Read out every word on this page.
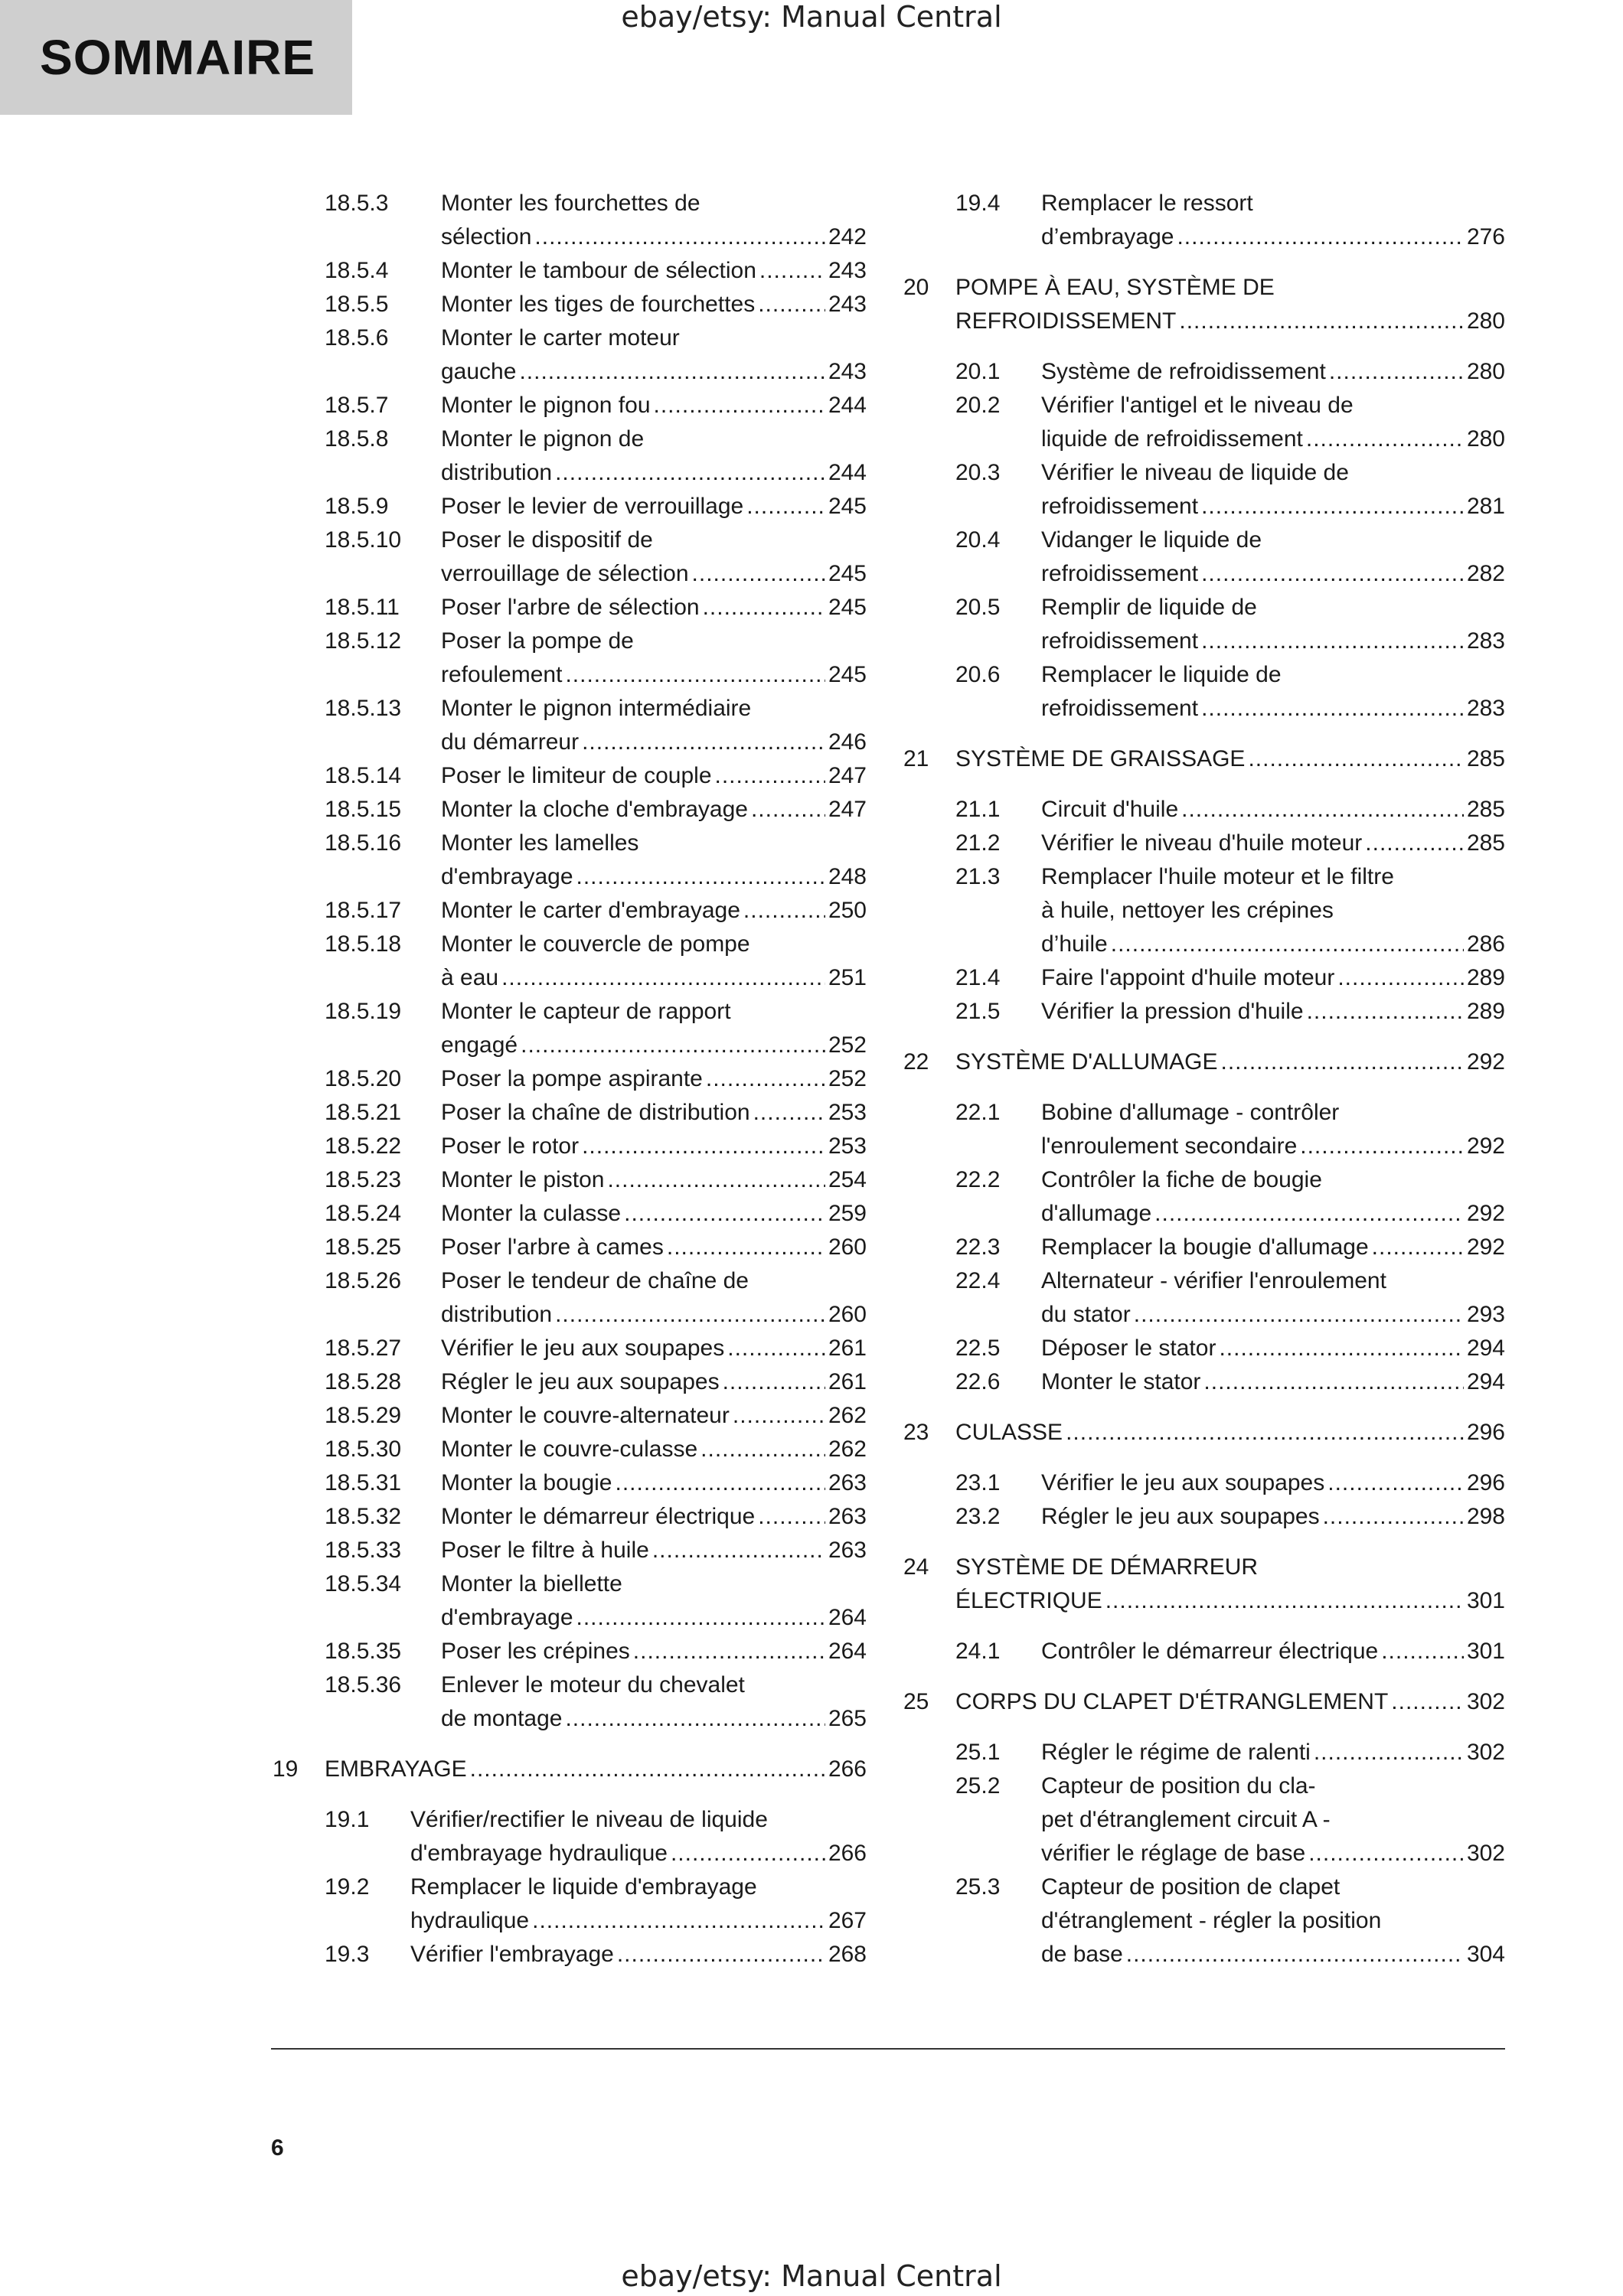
SOMMAIRE
ebay/etsy: Manual Central
18.5.3	Monter les fourchettes de
sélection .....	242
18.5.4	Monter le tambour de sélection .....	243
18.5.5	Monter les tiges de fourchettes .....	243
18.5.6	Monter le carter moteur
gauche .....	243
18.5.7	Monter le pignon fou .....	244
18.5.8	Monter le pignon de
distribution .....	244
18.5.9	Poser le levier de verrouillage .....	245
18.5.10	Poser le dispositif de
verrouillage de sélection .....	245
18.5.11	Poser l'arbre de sélection .....	245
18.5.12	Poser la pompe de
refoulement .....	245
18.5.13	Monter le pignon intermédiaire
du démarreur .....	246
18.5.14	Poser le limiteur de couple .....	247
18.5.15	Monter la cloche d'embrayage .....	247
18.5.16	Monter les lamelles
d'embrayage .....	248
18.5.17	Monter le carter d'embrayage .....	250
18.5.18	Monter le couvercle de pompe
à eau .....	251
18.5.19	Monter le capteur de rapport
engagé .....	252
18.5.20	Poser la pompe aspirante .....	252
18.5.21	Poser la chaîne de distribution .....	253
18.5.22	Poser le rotor .....	253
18.5.23	Monter le piston .....	254
18.5.24	Monter la culasse .....	259
18.5.25	Poser l'arbre à cames .....	260
18.5.26	Poser le tendeur de chaîne de
distribution .....	260
18.5.27	Vérifier le jeu aux soupapes .....	261
18.5.28	Régler le jeu aux soupapes .....	261
18.5.29	Monter le couvre-alternateur .....	262
18.5.30	Monter le couvre-culasse .....	262
18.5.31	Monter la bougie .....	263
18.5.32	Monter le démarreur électrique .....	263
18.5.33	Poser le filtre à huile .....	263
18.5.34	Monter la biellette
d'embrayage .....	264
18.5.35	Poser les crépines .....	264
18.5.36	Enlever le moteur du chevalet
de montage .....	265
19	EMBRAYAGE .....	266
19.1	Vérifier/rectifier le niveau de liquide
d'embrayage hydraulique .....	266
19.2	Remplacer le liquide d'embrayage
hydraulique .....	267
19.3	Vérifier l'embrayage .....	268
19.4	Remplacer le ressort
d’embrayage .....	276
20	POMPE À EAU, SYSTÈME DE
REFROIDISSEMENT .....	280
20.1	Système de refroidissement .....	280
20.2	Vérifier l'antigel et le niveau de
liquide de refroidissement .....	280
20.3	Vérifier le niveau de liquide de
refroidissement .....	281
20.4	Vidanger le liquide de
refroidissement .....	282
20.5	Remplir de liquide de
refroidissement .....	283
20.6	Remplacer le liquide de
refroidissement .....	283
21	SYSTÈME DE GRAISSAGE .....	285
21.1	Circuit d'huile .....	285
21.2	Vérifier le niveau d'huile moteur .....	285
21.3	Remplacer l'huile moteur et le filtre
à huile, nettoyer les crépines
d’huile .....	286
21.4	Faire l'appoint d'huile moteur .....	289
21.5	Vérifier la pression d'huile .....	289
22	SYSTÈME D'ALLUMAGE .....	292
22.1	Bobine d'allumage - contrôler
l'enroulement secondaire .....	292
22.2	Contrôler la fiche de bougie
d'allumage .....	292
22.3	Remplacer la bougie d'allumage .....	292
22.4	Alternateur - vérifier l'enroulement
du stator .....	293
22.5	Déposer le stator .....	294
22.6	Monter le stator .....	294
23	CULASSE .....	296
23.1	Vérifier le jeu aux soupapes .....	296
23.2	Régler le jeu aux soupapes .....	298
24	SYSTÈME DE DÉMARREUR
ÉLECTRIQUE .....	301
24.1	Contrôler le démarreur électrique .....	301
25	CORPS DU CLAPET D'ÉTRANGLEMENT .....	302
25.1	Régler le régime de ralenti .....	302
25.2	Capteur de position du cla-
pet d'étranglement circuit A -
vérifier le réglage de base .....	302
25.3	Capteur de position de clapet
d'étranglement - régler la position
de base .....	304
6
ebay/etsy: Manual Central
